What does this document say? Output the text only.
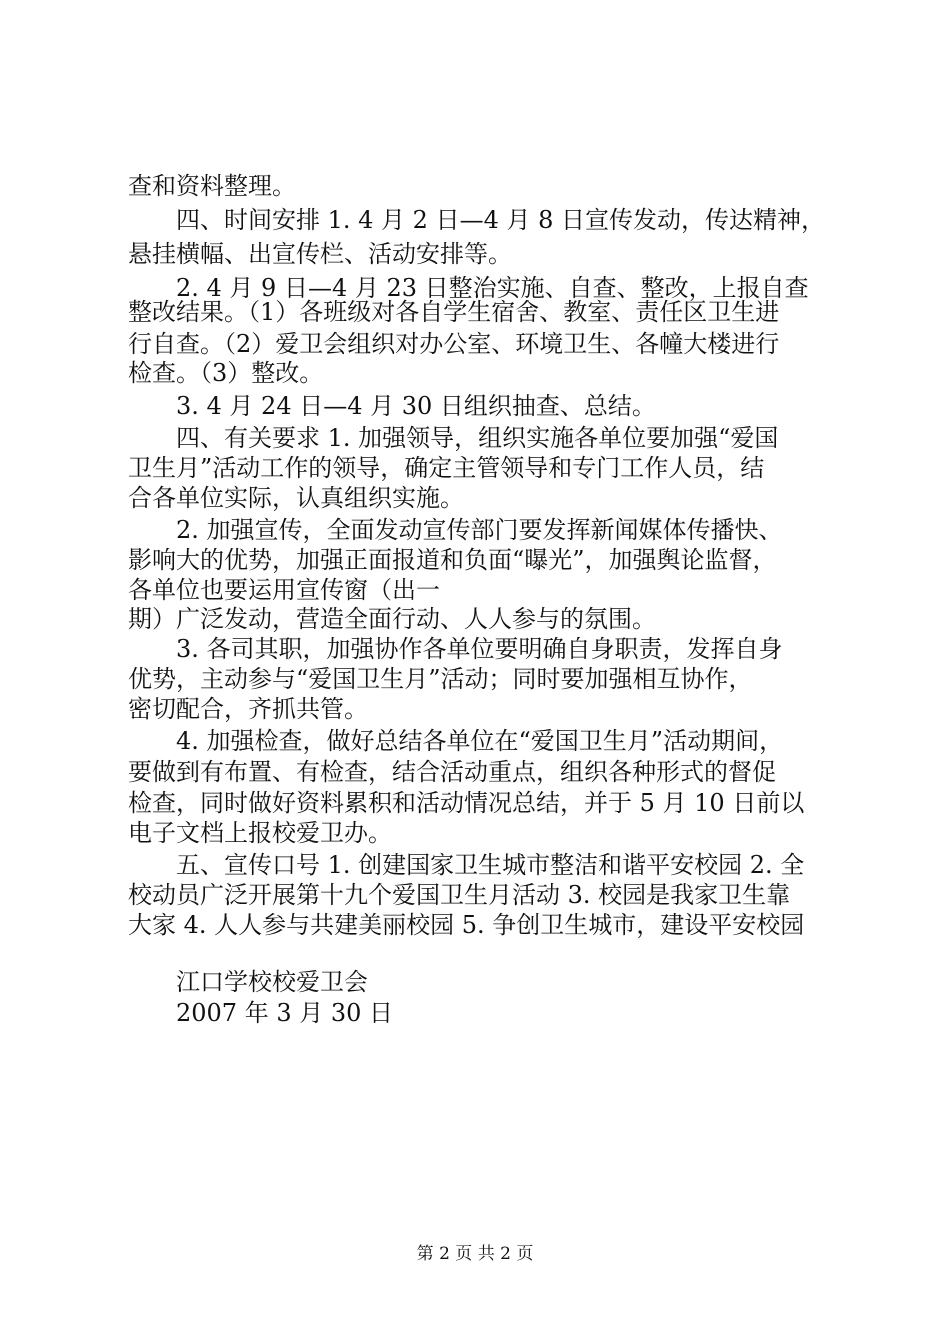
查和资料整理。
四、时间安排 1. 4 月 2 日—4 月 8 日宣传发动，传达精神，
悬挂横幅、出宣传栏、活动安排等。
2. 4 月 9 日—4 月 23 日整治实施、自查、整改，上报自查
整改结果。（1）各班级对各自学生宿舍、教室、责任区卫生进
行自查。（2）爱卫会组织对办公室、环境卫生、各幢大楼进行
检查。（3）整改。
3. 4 月 24 日—4 月 30 日组织抽查、总结。
四、有关要求 1. 加强领导，组织实施各单位要加强“爱国
卫生月”活动工作的领导，确定主管领导和专门工作人员，结
合各单位实际，认真组织实施。
2. 加强宣传，全面发动宣传部门要发挥新闻媒体传播快、
影响大的优势，加强正面报道和负面“曝光”，加强舆论监督，
各单位也要运用宣传窗（出一
期）广泛发动，营造全面行动、人人参与的氛围。
3. 各司其职，加强协作各单位要明确自身职责，发挥自身
优势，主动参与“爱国卫生月”活动；同时要加强相互协作，
密切配合，齐抓共管。
4. 加强检查，做好总结各单位在“爱国卫生月”活动期间，
要做到有布置、有检查，结合活动重点，组织各种形式的督促
检查，同时做好资料累积和活动情况总结，并于 5 月 10 日前以
电子文档上报校爱卫办。
五、宣传口号 1. 创建国家卫生城市整洁和谐平安校园 2. 全
校动员广泛开展第十九个爱国卫生月活动 3. 校园是我家卫生靠
大家 4. 人人参与共建美丽校园 5. 争创卫生城市，建设平安校园
江口学校校爱卫会
2007 年 3 月 30 日
第 2 页 共 2 页
